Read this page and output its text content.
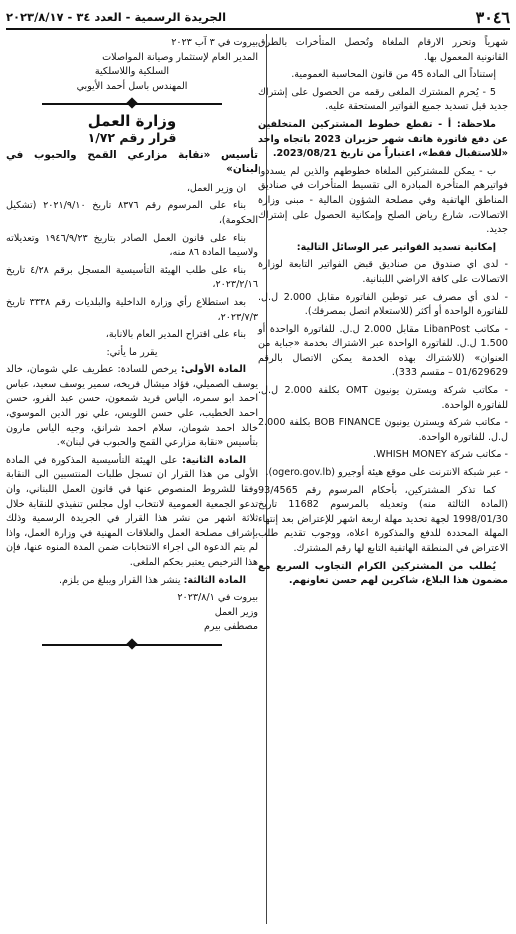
٣٠٤٦
الجريدة الرسمية - العدد ٣٤ - ٢٠٢٣/٨/١٧

شهرياً وتحرر الارقام الملغاة وتُحصل المتأخرات بالطرق القانونية المعمول بها.

إستناداً الى المادة 45 من قانون المحاسبة العمومية.

5 - يُحرم المشترك الملغى رقمه من الحصول على إشتراك جديد قبل تسديد جميع الفواتير المستحقة عليه.

ملاحظة: أ - تقطع خطوط المشتركين المتخلفين عن دفع فاتورة هاتف شهر حزيران 2023 باتجاه واحد «للاستقبال فقط»، اعتباراً من تاريخ 2023/08/21.

ب - يمكن للمشتركين الملغاة خطوطهم والذين لم يسددوا فواتيرهم المتأخرة المبادرة الى تقسيط المتأخرات في صناديق المناطق الهاتفية وفي مصلحة الشؤون المالية - مبنى وزارة الاتصالات، شارع رياض الصلح وإمكانية الحصول على إشتراك جديد.

إمكانية تسديد الفواتير عبر الوسائل التالية:

- لدى اي صندوق من صناديق قبض الفواتير التابعة لوزارة الاتصالات على كافة الاراضي اللبنانية.

- لدى أي مصرف عبر توطين الفاتورة مقابل 2.000 ل.ل. للفاتورة الواحدة أو أكثر (للاستعلام اتصل بمصرفك).

- مكاتب LibanPost مقابل 2.000 ل.ل. للفاتورة الواحدة أو 1.500 ل.ل. للفاتورة الواحدة عبر الاشتراك بخدمة «جباية من العنوان» (للاشتراك بهذه الخدمة يمكن الاتصال بالرقم 01/629629 – مقسم 333).

- مكاتب شركة ويسترن يونيون OMT بكلفة 2.000 ل.ل. للفاتورة الواحدة.

- مكاتب شركة ويسترن يونيون BOB FINANCE بكلفة 2.000 ل.ل. للفاتورة الواحدة.

- مكاتب شركة WHISH MONEY.

- عبر شبكة الانترنت على موقع هيئة أوجيرو (ogero.gov.lb).

كما تذكر المشتركين، بأحكام المرسوم رقم 93/4565 (المادة الثالثة منه) وتعديله بالمرسوم 11682 تاريخ 1998/01/30 لجهة تحديد مهلة اربعة اشهر للإعتراض بعد إنتهاء المهلة المحددة للدفع والمذكورة اعلاه، ووجوب تقديم طلب الاعتراض في المنطقة الهاتفية التابع لها رقم المشترك.

يُطلب من المشتركين الكرام التجاوب السريع مع مضمون هذا البلاغ، شاكرين لهم حسن تعاونهم.

بيروت في ٣ آب ٢٠٢٣

المدير العام لإستثمار وصيانة المواصلات

السلكية واللاسلكية

المهندس باسل أحمد الأيوبي

وزارة العمل
قرار رقم ١/٧٢
تأسيس «نقابة مزارعي القمح والحبوب في لبنان»

ان وزير العمل،

بناء على المرسوم رقم ٨٣٧٦ تاريخ ٢٠٢١/٩/١٠ (تشكيل الحكومة)،

بناء على قانون العمل الصادر بتاريخ ١٩٤٦/٩/٢٣ وتعديلاته ولاسيما المادة ٨٦ منه،

بناء على طلب الهيئة التأسيسية المسجل برقم ٤/٢٨ تاريخ ٢٠٢٣/٢/١٦،

بعد استطلاع رأي وزارة الداخلية والبلديات رقم ٣٣٣٨ تاريخ ٢٠٢٣/٧/٣،

بناء على اقتراح المدير العام بالانابة،

يقرر ما يأتي:

المادة الأولى: يرخص للسادة: عطريف علي شومان، خالد يوسف الصميلي، فؤاد ميشال فريخه، سمير يوسف سعيد، عباس احمد ابو سمره، الياس فريد شمعون، حسن عبد الفرو، حسن احمد الخطيب، علي حسن اللويس، علي نور الدين الموسوي، خالد احمد شومان، سلام احمد شرانق، وجيه الياس مارون بتأسيس «نقابة مزارعي القمح والحبوب في لبنان».

المادة الثانية: على الهيئة التأسيسية المذكورة في المادة الأولى من هذا القرار ان تسجل طلبات المنتسبين الى النقابة وفقا للشروط المنصوص عنها في قانون العمل اللبناني، وان تدعو الجمعية العمومية لانتخاب اول مجلس تنفيذي للنقابة خلال ثلاثة اشهر من نشر هذا القرار في الجريدة الرسمية وذلك بإشراف مصلحة العمل والعلاقات المهنية في وزارة العمل، واذا لم يتم الدعوة الى اجراء الانتخابات ضمن المدة المنوه عنها، فإن هذا الترخيص يعتبر بحكم الملغى.

المادة الثالثة: ينشر هذا القرار ويبلغ من يلزم.

بيروت في ٢٠٢٣/٨/١

وزير العمل

مصطفى بيرم
